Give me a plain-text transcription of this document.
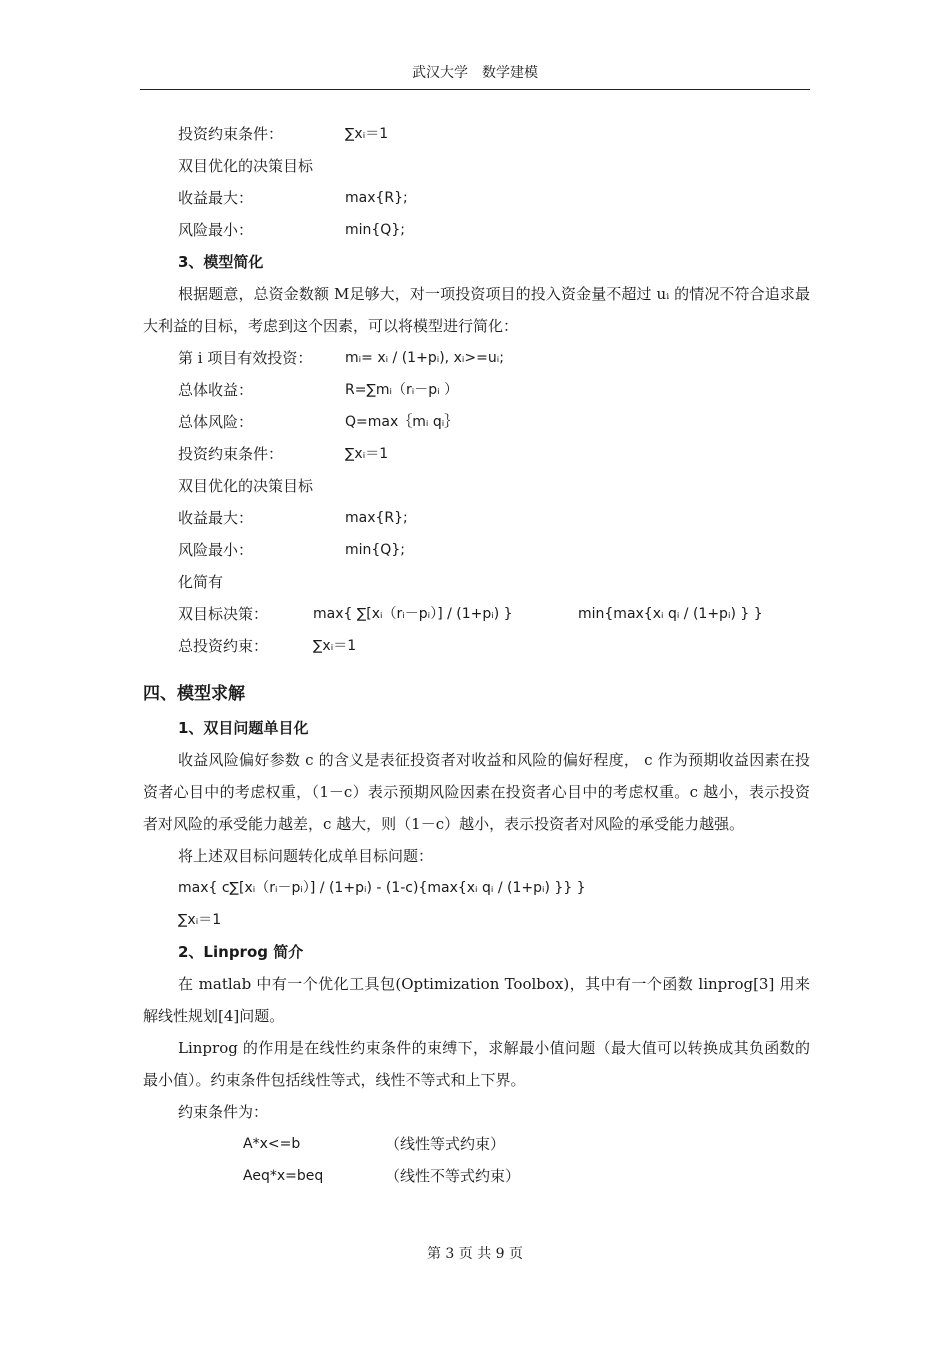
武汉大学　数学建模
投资约束条件：	∑xᵢ＝1
双目优化的决策目标
收益最大：	max{R};
风险最小：	min{Q};
3、模型简化
根据题意，总资金数额 M足够大，对一项投资项目的投入资金量不超过 uᵢ 的情况不符合追求最大利益的目标，考虑到这个因素，可以将模型进行简化：
第 i 项目有效投资： mᵢ= xᵢ / (1+pᵢ), xᵢ>=uᵢ;
总体收益：	R=∑mᵢ（rᵢ－pᵢ ）
总体风险：	Q=max｛mᵢ qᵢ｝
投资约束条件：	∑xᵢ＝1
双目优化的决策目标
收益最大：	max{R};
风险最小：	min{Q};
化简有
双目标决策：	max{ ∑[xᵢ（rᵢ－pᵢ）] / (1+pᵢ) }	min{max{xᵢ qᵢ / (1+pᵢ) } }
总投资约束：	∑xᵢ＝1
四、模型求解
1、双目问题单目化
收益风险偏好参数 c 的含义是表征投资者对收益和风险的偏好程度， c 作为预期收益因素在投资者心目中的考虑权重，（1－c）表示预期风险因素在投资者心目中的考虑权重。c 越小，表示投资者对风险的承受能力越差，c 越大，则（1－c）越小，表示投资者对风险的承受能力越强。
将上述双目标问题转化成单目标问题：
max{ c∑[xᵢ（rᵢ－pᵢ）] / (1+pᵢ) - (1-c){max{xᵢ qᵢ / (1+pᵢ) }} }
∑xᵢ＝1
2、Linprog 简介
在 matlab 中有一个优化工具包(Optimization Toolbox)，其中有一个函数 linprog[3] 用来解线性规划[4]问题。
Linprog 的作用是在线性约束条件的束缚下，求解最小值问题（最大值可以转换成其负函数的最小值）。约束条件包括线性等式，线性不等式和上下界。
约束条件为：
A*x<=b	（线性等式约束）
Aeq*x=beq	（线性不等式约束）
第 3 页 共 9 页
